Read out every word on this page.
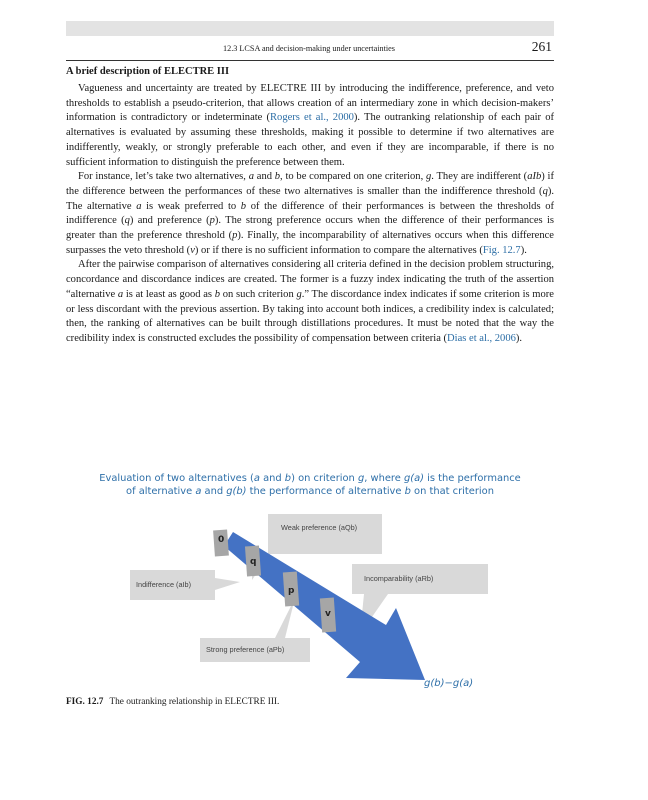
12.3 LCSA and decision-making under uncertainties	261
A brief description of ELECTRE III

Vagueness and uncertainty are treated by ELECTRE III by introducing the indifference, preference, and veto thresholds to establish a pseudo-criterion, that allows creation of an intermediary zone in which decision-makers’ information is contradictory or indeterminate (Rogers et al., 2000). The outranking relationship of each pair of alternatives is evaluated by assuming these thresholds, making it possible to determine if two alternatives are indifferently, weakly, or strongly preferable to each other, and even if they are incomparable, if there is no sufficient information to distinguish the preference between them.

For instance, let’s take two alternatives, a and b, to be compared on one criterion, g. They are indifferent (aIb) if the difference between the performances of these two alternatives is smaller than the indifference threshold (q). The alternative a is weak preferred to b of the difference of their performances is between the thresholds of indifference (q) and preference (p). The strong preference occurs when the difference of their performances is greater than the preference threshold (p). Finally, the incomparability of alternatives occurs when this difference surpasses the veto threshold (v) or if there is no sufficient information to compare the alternatives (Fig. 12.7).

After the pairwise comparison of alternatives considering all criteria defined in the decision problem structuring, concordance and discordance indices are created. The former is a fuzzy index indicating the truth of the assertion “alternative a is at least as good as b on such criterion g.” The discordance index indicates if some criterion is more or less discordant with the previous assertion. By taking into account both indices, a credibility index is calculated; then, the ranking of alternatives can be built through distillations procedures. It must be noted that the way the credibility index is constructed excludes the possibility of compensation between criteria (Dias et al., 2006).

Evaluation of two alternatives (a and b) on criterion g, where g(a) is the performance
of alternative a and g(b) the performance of alternative b on that criterion
0
q
p
v
Weak preference (aQb)
Indifference (aIb)
Incomparability (aRb)
Strong preference (aPb)
g(b)−g(a)
FIG. 12.7 The outranking relationship in ELECTRE III.
